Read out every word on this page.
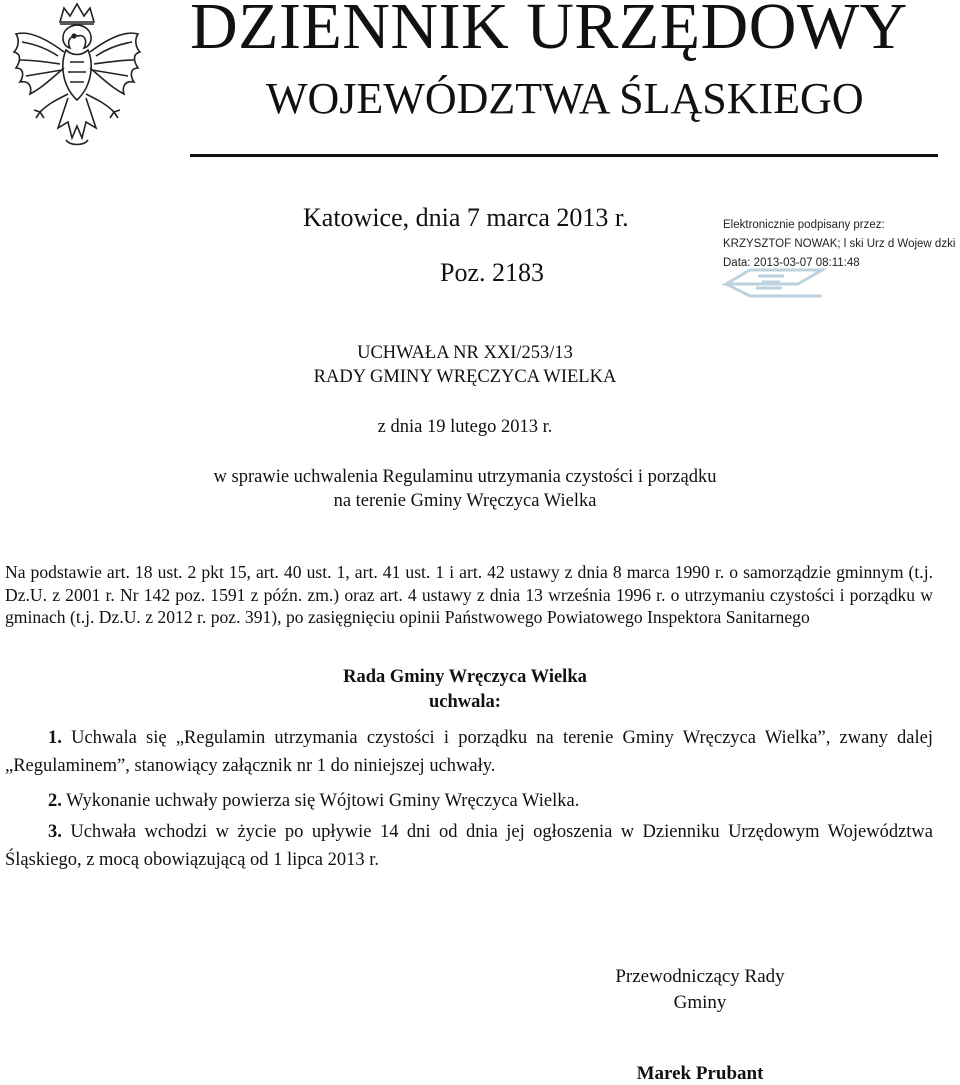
DZIENNIK URZĘDOWY
WOJEWÓDZTWA ŚLĄSKIEGO
Katowice, dnia 7 marca 2013 r.
Poz. 2183
Elektronicznie podpisany przez:
KRZYSZTOF NOWAK; l ski Urz d Wojew dzki
Data: 2013-03-07 08:11:48
UCHWAŁA NR XXI/253/13
RADY GMINY WRĘCZYCA WIELKA
z dnia 19 lutego 2013 r.
w sprawie uchwalenia Regulaminu utrzymania czystości i porządku
na terenie Gminy Wręczyca Wielka
Na podstawie art. 18 ust. 2 pkt 15, art. 40 ust. 1, art. 41 ust. 1 i art. 42 ustawy z dnia 8 marca 1990 r. o samorządzie gminnym (t.j. Dz.U. z 2001 r. Nr 142 poz. 1591 z późn. zm.) oraz art. 4 ustawy z dnia 13 września 1996 r. o utrzymaniu czystości i porządku w gminach (t.j. Dz.U. z 2012 r. poz. 391), po zasięgnięciu opinii Państwowego Powiatowego Inspektora Sanitarnego
Rada Gminy Wręczyca Wielka
uchwala:
1. Uchwala się „Regulamin utrzymania czystości i porządku na terenie Gminy Wręczyca Wielka”, zwany dalej „Regulaminem”, stanowiący załącznik nr 1 do niniejszej uchwały.
2. Wykonanie uchwały powierza się Wójtowi Gminy Wręczyca Wielka.
3. Uchwała wchodzi w życie po upływie 14 dni od dnia jej ogłoszenia w Dzienniku Urzędowym Województwa Śląskiego, z mocą obowiązującą od 1 lipca 2013 r.
Przewodniczący Rady
Gminy
Marek Prubant
